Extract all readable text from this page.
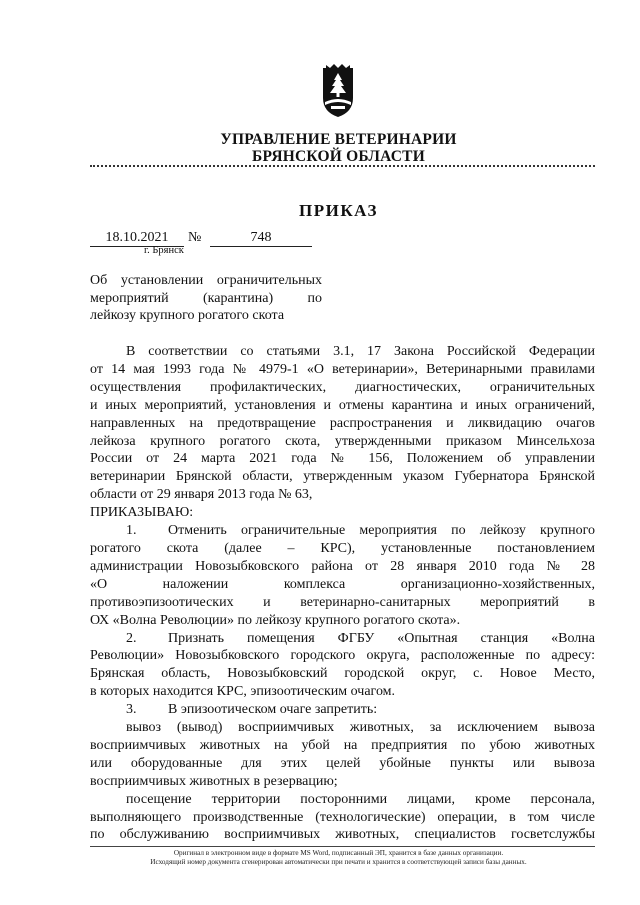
УПРАВЛЕНИЕ ВЕТЕРИНАРИИ
БРЯНСКОЙ ОБЛАСТИ
ПРИКАЗ
18.10.2021	№	748
г. Брянск
Об установлении ограничительных
мероприятий (карантина) по
лейкозу крупного рогатого скота
В соответствии со статьями 3.1, 17 Закона Российской Федерации
от 14 мая 1993 года № 4979-1 «О ветеринарии», Ветеринарными правилами
осуществления профилактических, диагностических, ограничительных
и иных мероприятий, установления и отмены карантина и иных ограничений,
направленных на предотвращение распространения и ликвидацию очагов
лейкоза крупного рогатого скота, утвержденными приказом Минсельхоза
России от 24 марта 2021 года № 156, Положением об управлении
ветеринарии Брянской области, утвержденным указом Губернатора Брянской
области от 29 января 2013 года № 63,
ПРИКАЗЫВАЮ:
1.	Отменить ограничительные мероприятия по лейкозу крупного
рогатого скота (далее – КРС), установленные постановлением
администрации Новозыбковского района от 28 января 2010 года № 28
«О наложении комплекса организационно-хозяйственных,
противоэпизоотических и ветеринарно-санитарных мероприятий в
ОХ «Волна Революции» по лейкозу крупного рогатого скота».
2.	Признать помещения ФГБУ «Опытная станция «Волна
Революции» Новозыбковского городского округа, расположенные по адресу:
Брянская область, Новозыбковский городской округ, с. Новое Место,
в которых находится КРС, эпизоотическим очагом.
3.	В эпизоотическом очаге запретить:
вывоз (вывод) восприимчивых животных, за исключением вывоза
восприимчивых животных на убой на предприятия по убою животных
или оборудованные для этих целей убойные пункты или вывоза
восприимчивых животных в резервацию;
посещение территории посторонними лицами, кроме персонала,
выполняющего производственные (технологические) операции, в том числе
по обслуживанию восприимчивых животных, специалистов госветслужбы
Оригинал в электронном виде в формате MS Word, подписанный ЭП, хранится в базе данных организации.
Исходящий номер документа сгенерирован автоматически при печати и хранится в соответствующей записи базы данных.
